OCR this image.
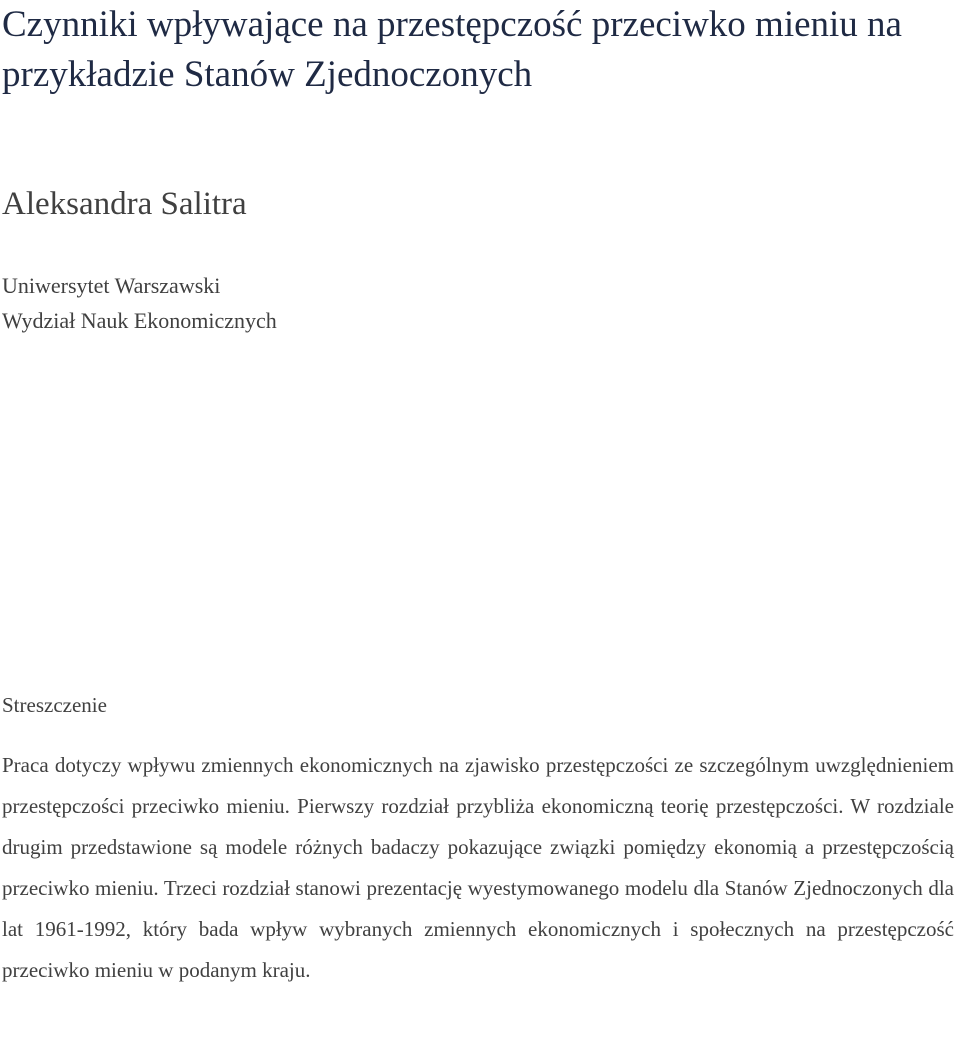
Czynniki wpływające na przestępczość przeciwko mieniu na przykładzie Stanów Zjednoczonych
Aleksandra Salitra
Uniwersytet Warszawski
Wydział Nauk Ekonomicznych
Streszczenie

Praca dotyczy wpływu zmiennych ekonomicznych na zjawisko przestępczości ze szczególnym uwzględnieniem przestępczości przeciwko mieniu. Pierwszy rozdział przybliża ekonomiczną teorię przestępczości. W rozdziale drugim przedstawione są modele różnych badaczy pokazujące związki pomiędzy ekonomią a przestępczością przeciwko mieniu. Trzeci rozdział stanowi prezentację wyestymowanego modelu dla Stanów Zjednoczonych dla lat 1961-1992, który bada wpływ wybranych zmiennych ekonomicznych i społecznych na przestępczość przeciwko mieniu w podanym kraju.
